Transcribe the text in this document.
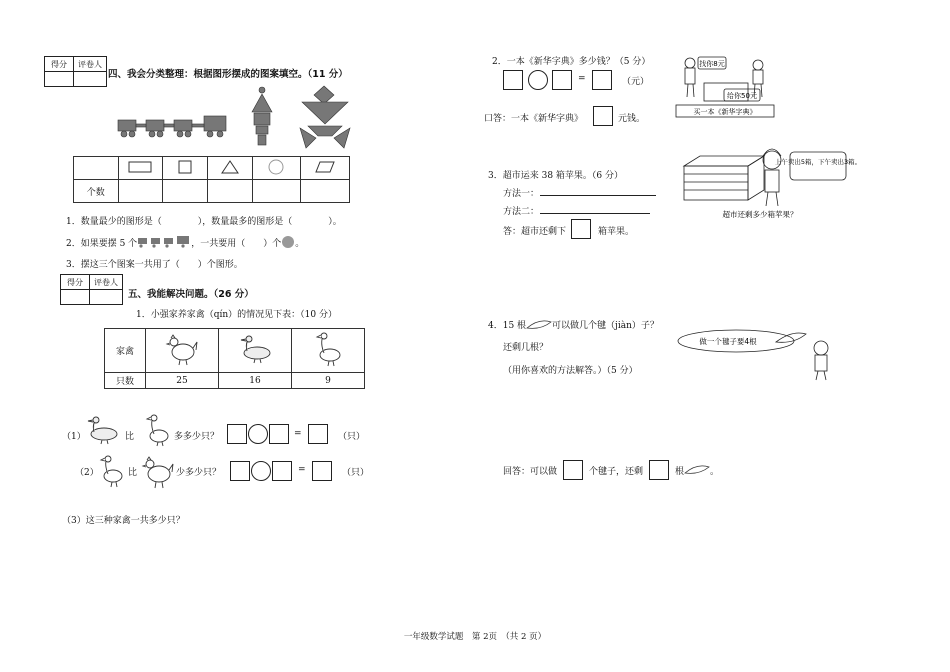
得分	评卷人

四、我会分类整理：根据图形摆成的图案填空。（11 分）

个数					
1．数量最少的图形是（　　　　），数量最多的图形是（　　　　）。
2．如果要摆 5 个	，一共要用（　　）个 。
3．摆这三个图案一共用了（　　）个图形。
得分	评卷人

五、我能解决问题。（26 分）
1．小强家养家禽（qín）的情况见下表：（10 分）
家禽			
只数	25	16	9
（1）	比	多多少只？	=	（只）
（2）	比	少多少只？	=	（只）
（3）这三种家禽一共多少只？
2．一本《新华字典》多少钱？（5 分）
=	（元）
口答：一本《新华字典》	元钱。
找你8元
给你50元
买一本《新华字典》
3．超市运来 38 箱苹果。（6 分）
方法一：
方法二：
答：超市还剩下	箱苹果。
上午卖出5箱，下午卖出3箱。
超市还剩多少箱苹果？
4．15 根	可以做几个毽（jiàn）子？
还剩几根？
（用你喜欢的方法解答。）（5 分）
做一个毽子要4根
回答：可以做	个毽子，还剩	根	。
一年级数学试题　第 2页　（共 2 页）
